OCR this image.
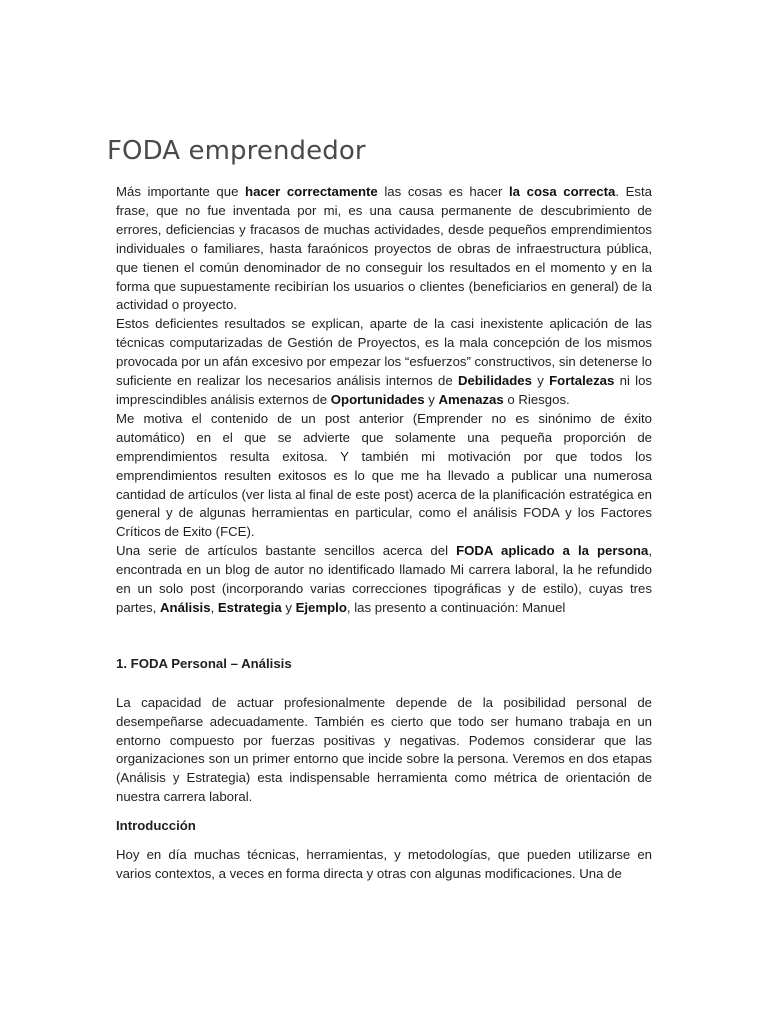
FODA emprendedor

Más importante que hacer correctamente las cosas es hacer la cosa correcta. Esta frase, que no fue inventada por mi, es una causa permanente de descubrimiento de errores, deficiencias y fracasos de muchas actividades, desde pequeños emprendimientos individuales o familiares, hasta faraónicos proyectos de obras de infraestructura pública, que tienen el común denominador de no conseguir los resultados en el momento y en la forma que supuestamente recibirían los usuarios o clientes (beneficiarios en general) de la actividad o proyecto.

Estos deficientes resultados se explican, aparte de la casi inexistente aplicación de las técnicas computarizadas de Gestión de Proyectos, es la mala concepción de los mismos provocada por un afán excesivo por empezar los “esfuerzos” constructivos, sin detenerse lo suficiente en realizar los necesarios análisis internos de Debilidades y Fortalezas ni los imprescindibles análisis externos de Oportunidades y Amenazas o Riesgos.

Me motiva el contenido de un post anterior (Emprender no es sinónimo de éxito automático) en el que se advierte que solamente una pequeña proporción de emprendimientos resulta exitosa. Y también mi motivación por que todos los emprendimientos resulten exitosos es lo que me ha llevado a publicar una numerosa cantidad de artículos (ver lista al final de este post) acerca de la planificación estratégica en general y de algunas herramientas en particular, como el análisis FODA y los Factores Críticos de Exito (FCE).

Una serie de artículos bastante sencillos acerca del FODA aplicado a la persona, encontrada en un blog de autor no identificado llamado Mi carrera laboral, la he refundido en un solo post (incorporando varias correcciones tipográficas y de estilo), cuyas tres partes, Análisis, Estrategia y Ejemplo, las presento a continuación: Manuel

1. FODA Personal – Análisis

La capacidad de actuar profesionalmente depende de la posibilidad personal de desempeñarse adecuadamente. También es cierto que todo ser humano trabaja en un entorno compuesto por fuerzas positivas y negativas. Podemos considerar que las organizaciones son un primer entorno que incide sobre la persona. Veremos en dos etapas (Análisis y Estrategia) esta indispensable herramienta como métrica de orientación de nuestra carrera laboral.

Introducción

Hoy en día muchas técnicas, herramientas, y metodologías, que pueden utilizarse en varios contextos, a veces en forma directa y otras con algunas modificaciones. Una de
